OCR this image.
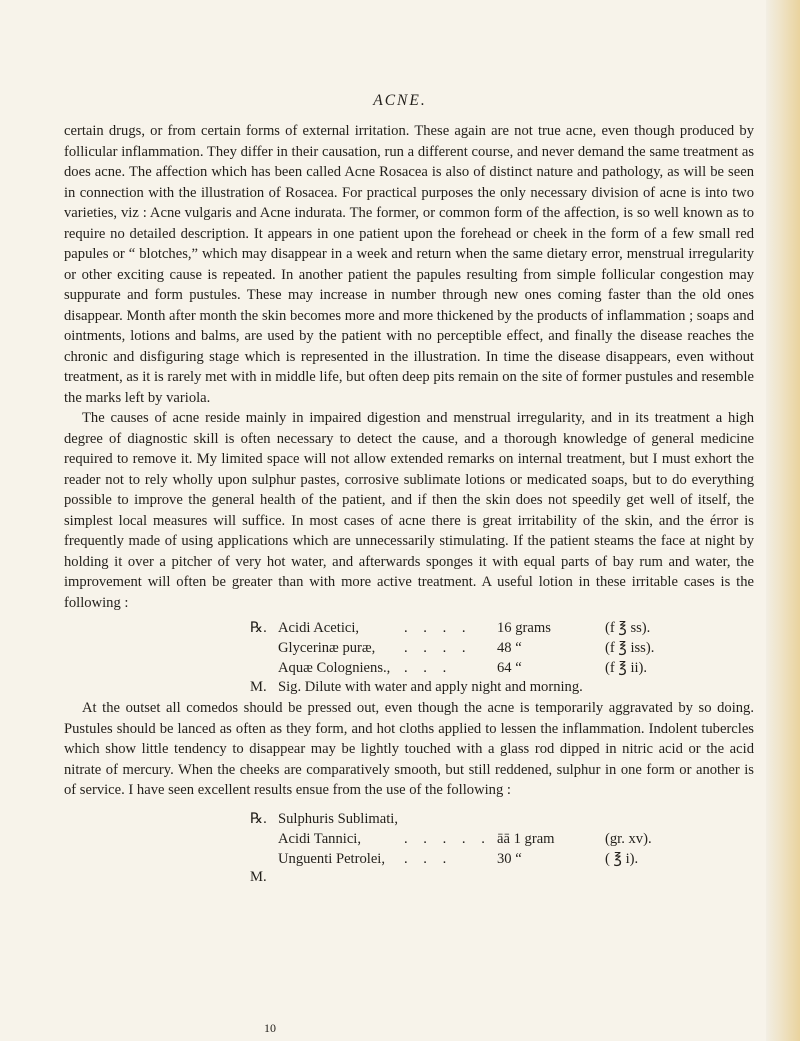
ACNE.

certain drugs, or from certain forms of external irritation. These again are not true acne, even though produced by follicular inflammation. They differ in their causation, run a different course, and never demand the same treatment as does acne. The affection which has been called Acne Rosacea is also of distinct nature and pathology, as will be seen in connection with the illustration of Rosacea. For practical purposes the only necessary division of acne is into two varieties, viz : Acne vulgaris and Acne indurata. The former, or common form of the affection, is so well known as to require no detailed description. It appears in one patient upon the forehead or cheek in the form of a few small red papules or “ blotches,” which may disappear in a week and return when the same dietary error, menstrual irregularity or other exciting cause is repeated. In another patient the papules resulting from simple follicular congestion may suppurate and form pustules. These may increase in number through new ones coming faster than the old ones disappear. Month after month the skin becomes more and more thickened by the products of inflammation ; soaps and ointments, lotions and balms, are used by the patient with no perceptible effect, and finally the disease reaches the chronic and disfiguring stage which is represented in the illustration. In time the disease disappears, even without treatment, as it is rarely met with in middle life, but often deep pits remain on the site of former pustules and resemble the marks left by variola.

The causes of acne reside mainly in impaired digestion and menstrual irregularity, and in its treatment a high degree of diagnostic skill is often necessary to detect the cause, and a thorough knowledge of general medicine required to remove it. My limited space will not allow extended remarks on internal treatment, but I must exhort the reader not to rely wholly upon sulphur pastes, corrosive sublimate lotions or medicated soaps, but to do everything possible to improve the general health of the patient, and if then the skin does not speedily get well of itself, the simplest local measures will suffice. In most cases of acne there is great irritability of the skin, and the érror is frequently made of using applications which are unnecessarily stimulating. If the patient steams the face at night by holding it over a pitcher of very hot water, and afterwards sponges it with equal parts of bay rum and water, the improvement will often be greater than with more active treatment. A useful lotion in these irritable cases is the following :

℞. Acidi Acetici,	. . . . 16 grams	(f ℥ ss).
Glycerinæ puræ, . . . . 48 “	(f ℥ iss).
Aquæ Cologniens., . . .	64 “	(f ℥ ii).
M. Sig. Dilute with water and apply night and morning.

At the outset all comedos should be pressed out, even though the acne is temporarily aggravated by so doing. Pustules should be lanced as often as they form, and hot cloths applied to lessen the inflammation. Indolent tubercles which show little tendency to disappear may be lightly touched with a glass rod dipped in nitric acid or the acid nitrate of mercury. When the cheeks are comparatively smooth, but still reddened, sulphur in one form or another is of service. I have seen excellent results ensue from the use of the following :

℞. Sulphuris Sublimati,
Acidi Tannici,	. . . . . āā 1 gram	(gr. xv).
Unguenti Petrolei, . . .	30 “	( ℥ i).
M.
10
